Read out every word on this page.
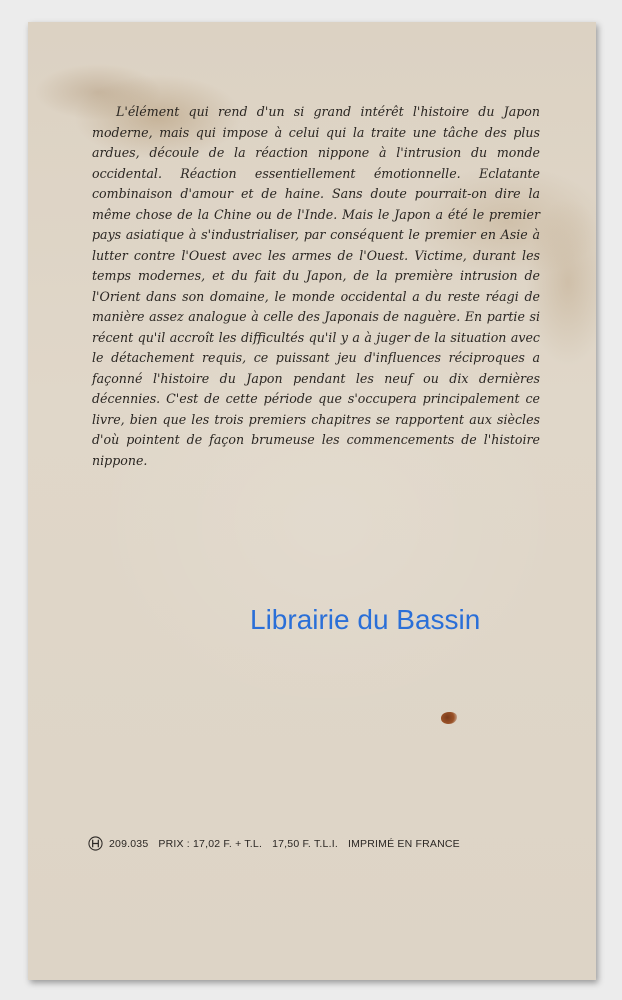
L'élément qui rend d'un si grand intérêt l'histoire du Japon moderne, mais qui impose à celui qui la traite une tâche des plus ardues, découle de la réaction nippone à l'intrusion du monde occidental. Réaction essentiellement émotionnelle. Eclatante combinaison d'amour et de haine. Sans doute pourrait-on dire la même chose de la Chine ou de l'Inde. Mais le Japon a été le premier pays asiatique à s'industrialiser, par conséquent le premier en Asie à lutter contre l'Ouest avec les armes de l'Ouest. Victime, durant les temps modernes, et du fait du Japon, de la première intrusion de l'Orient dans son domaine, le monde occidental a du reste réagi de manière assez analogue à celle des Japonais de naguère. En partie si récent qu'il accroît les difficultés qu'il y a à juger de la situation avec le détachement requis, ce puissant jeu d'influences réciproques a façonné l'histoire du Japon pendant les neuf ou dix dernières décennies. C'est de cette période que s'occupera principalement ce livre, bien que les trois premiers chapitres se rapportent aux siècles d'où pointent de façon brumeuse les commencements de l'histoire nippone.

Librairie du Bassin

209.035 PRIX : 17,02 F. + T.L. 17,50 F. T.L.I. IMPRIMÉ EN FRANCE
